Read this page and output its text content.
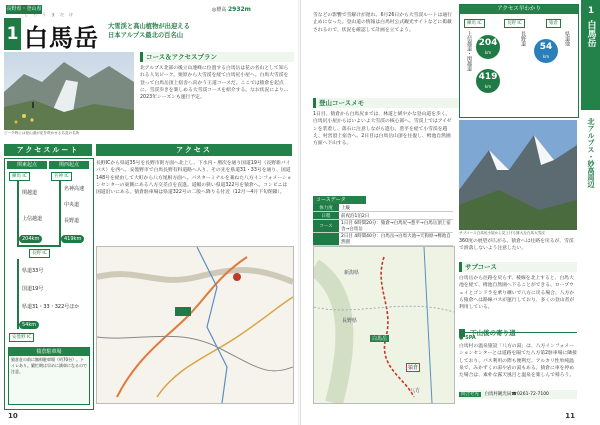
長野県・登山県	◎標高 2932m
1
しろうまだけ
白馬岳 大雪渓と高山植物が出迎える
日本アルプス最北の百名山
ピーク時には登山道が花を咲かせる名花の名所
コース＆アクセスプラン
北アルプス北部の後立山連峰に位置する白馬岳は花の名山として知られる人気ピーク。栗原から大雪渓を経て白馬尻小屋へ。白馬大雪渓を登って白馬岳頂上宿舎へ向かう王道コースだ。ここでは猿倉を起点に、雪渓歩きを楽しめる大雪渓コースを紹介する。なお状況により…2023年シーズンも運行予定。
アクセスルート	アクセス
関東起点	関西起点
練馬 IC	名神 IC
関越道
上信越道
名神高速
中央道
長野道
204km	419km
長野 IC
県道33号
国道19号
県道31・33・322号ほか
54km
安曇野 IC
猿倉駐車場
猿倉荘の前に無料駐車場（約70台）。トイレあり。繁忙期は早めに満車になるので注意。
長野ICから県道35号を長野市街方面へ北上し、下水内・増次を通り国道19号（長野新バイパス）を西へ。安曇野市で白馬長野有料道路へ入り、その先を県道31・33号を通り、国道148号を経由して大町から八方尾根方面へ。パスターミナルを兼ねた八方インフォメーションセンターの東側にある八方交差点を直進。道幅の狭い県道322号を猿倉へ。コンビニは国道沿いにある。猿倉駐車場は県道322号の二般へ降りる付近（12月～4月下旬閉鎖）。
10
雪などの影響で雪解けが遅れ、6月26日から大雪渓ルートは通行止めになった。登山道の情報は白馬村公式観光サイトなどに掲載されるので、状況を確認して計画を立てよう。
アクセス早わかり
練馬 IC	長野 IC	猿倉
上信越道・関越道	長野道	県道他
204
km
419
km
54
km
登山コースメモ
1日目。猿倉から白馬尻までは、林道と緩やかな登山道を歩く。白馬尻小屋からはいよいよ大雪渓の核心部へ。雪渓上ではアイゼンを装着し、落石に注意しながら進む。葱平を経て小雪渓を越え、村営頂上宿舎へ。2日目は白馬岳山頂を往復し、栂池自然園方面へ下山する。
サブコース白馬尻小屋から見上げる雄大な白馬大雪渓
コースデータ
体力度	上級
日程	前夜泊1泊2日
コース	1日目 6時間20分：猿倉→白馬尻→葱平→白馬岳頂上宿舎→白馬岳
	2日目 4時間40分：白馬岳→白馬大池→天狗原→栂池自然園

新潟県
長野県
白馬岳
猿倉
八方
360度の展望が広がる。猿倉へは往路を戻るが、雪渓で滑落しないよう注意したい。
サブコース
白馬岳から往路を戻らず、稜線を北上すると、白馬大池を経て、栂池自然園へ下ることができる。ロープウェイとゴンドラを乗り継いで八方に戻る場合、八方から猿倉へは路線バスが運行しており、多くの登山者が利用している。
下山後の寄り道
● SPA
白馬村の温泉施設「八方の湯」は、八方インフォメーションセンターとは道路を隔てた八方第2駐車場に隣接しており、バス利用の際も便利だ。アルカリ性単純温泉で、みかずくの湯や岩の湯もある。猿倉に車を停めた場合は、素朴な露天風呂と温泉を楽しんで帰ろう。
問合せ先 白馬村観光局☎0261-72-7100
1
白馬岳
北アルプス・妙高周辺
11
